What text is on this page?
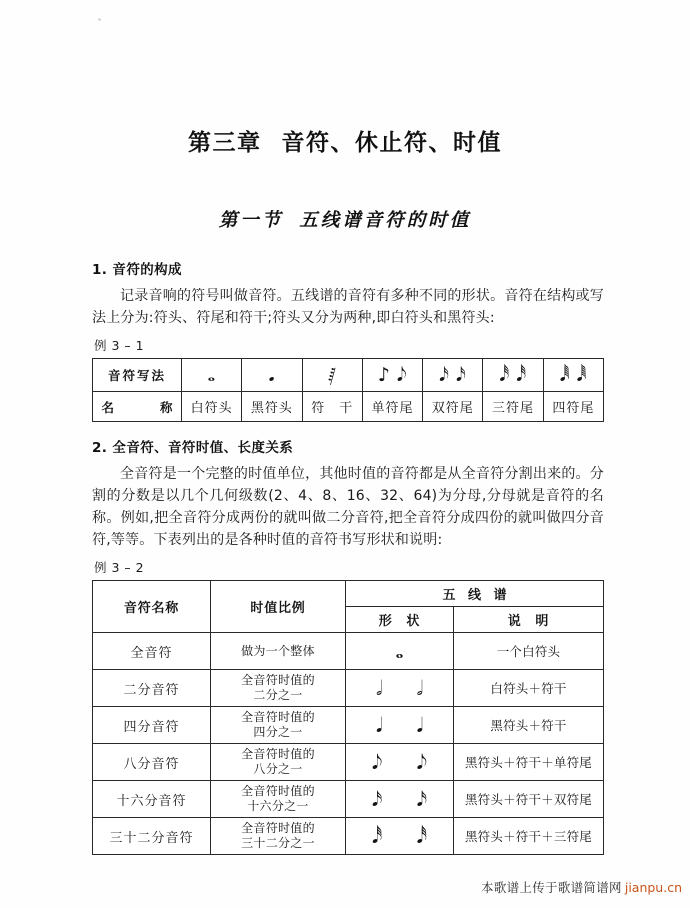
第三章 音符、休止符、时值
第一节 五线谱音符的时值

1. 音符的构成

记录音响的符号叫做音符。五线谱的音符有多种不同的形状。音符在结构或写法上分为:符头、符尾和符干;符头又分为两种,即白符头和黑符头:

例 3 – 1

音符写法	𝅝	𝅘	𝅁	♪ 𝅘𝅥𝅮	𝅘𝅥𝅯 𝅘𝅥𝅯	𝅘𝅥𝅰 𝅘𝅥𝅰	𝅘𝅥𝅱 𝅘𝅥𝅱
名　　称	白符头	黑符头	符　干	单符尾	双符尾	三符尾	四符尾

2. 全音符、音符时值、长度关系

全音符是一个完整的时值单位，其他时值的音符都是从全音符分割出来的。分割的分数是以几个几何级数(2、4、8、16、32、64)为分母,分母就是音符的名称。例如,把全音符分成两份的就叫做二分音符,把全音符分成四份的就叫做四分音符,等等。下表列出的是各种时值的音符书写形状和说明:

例 3 – 2

音符名称	时值比例	五 线 谱	
		形　状	说　明
全音符	做为一个整体	𝅝	一个白符头
二分音符	全音符时值的
二分之一	𝅗𝅥 𝅗𝅥	白符头＋符干
四分音符	全音符时值的
四分之一	𝅘𝅥 𝅘𝅥	黑符头＋符干
八分音符	全音符时值的
八分之一	𝅘𝅥𝅮 𝅘𝅥𝅮	黑符头＋符干＋单符尾
十六分音符	全音符时值的
十六分之一	𝅘𝅥𝅯 𝅘𝅥𝅯	黑符头＋符干＋双符尾
三十二分音符	全音符时值的
三十二分之一	𝅘𝅥𝅰 𝅘𝅥𝅰	黑符头＋符干＋三符尾
本歌谱上传于歌谱简谱网 jianpu.cn
